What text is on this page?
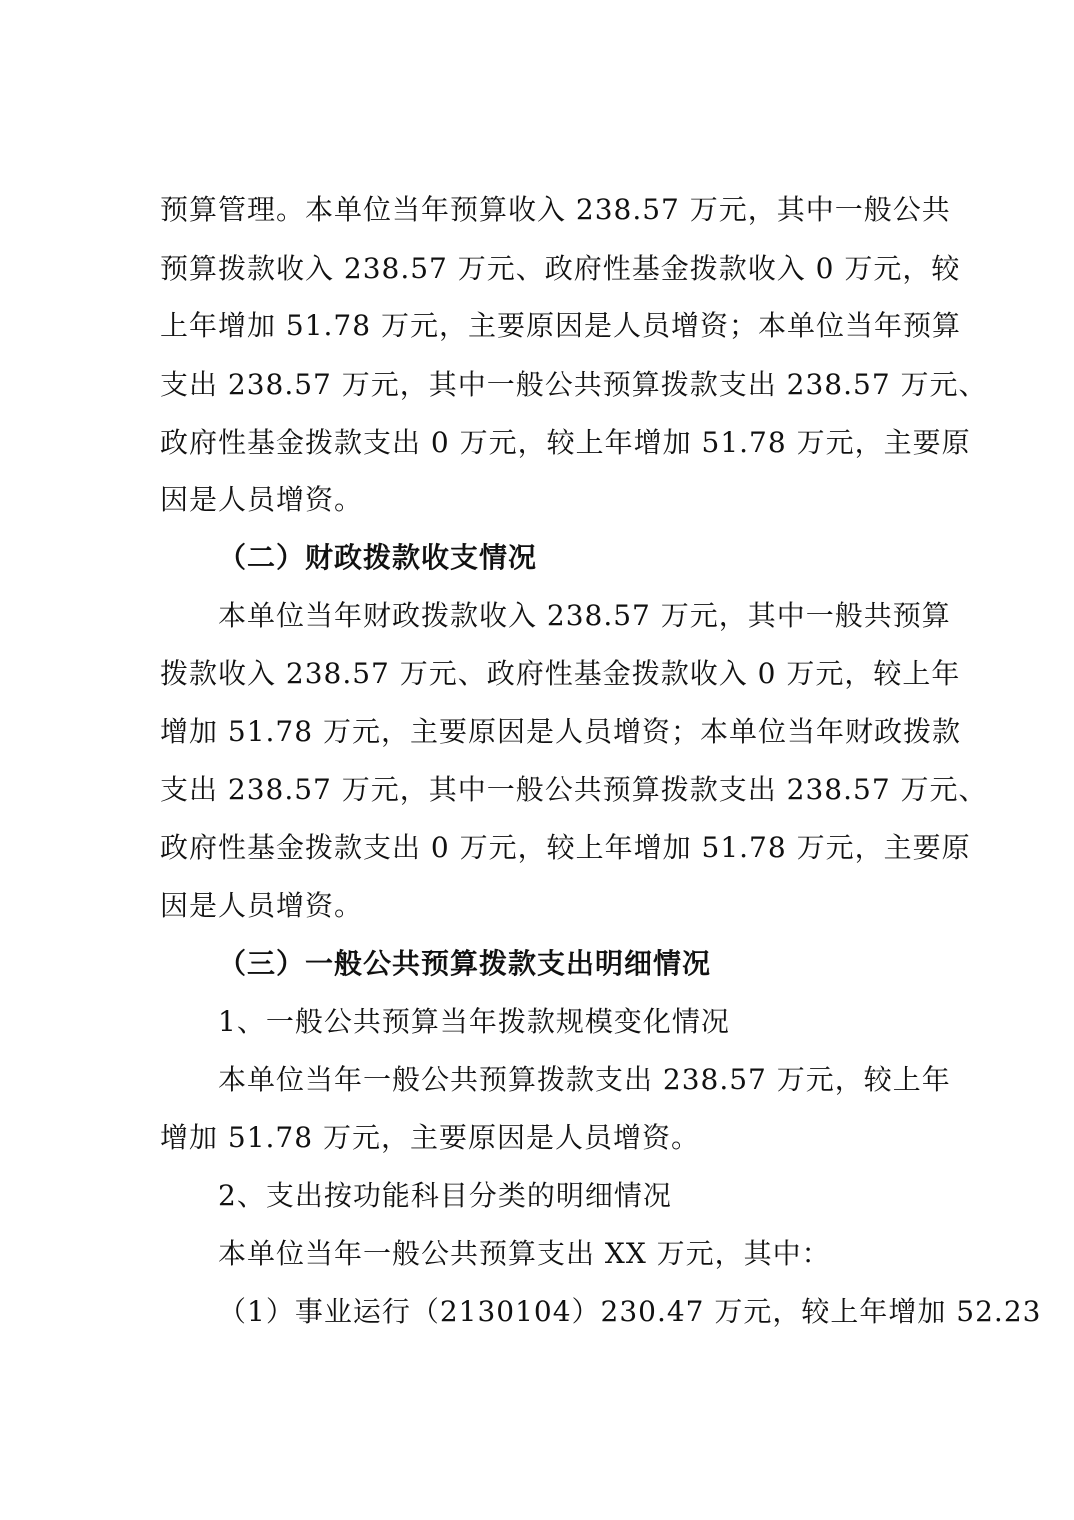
预算管理。本单位当年预算收入 238.57 万元，其中一般公共
预算拨款收入 238.57 万元、政府性基金拨款收入 0 万元，较
上年增加 51.78 万元，主要原因是人员增资；本单位当年预算
支出 238.57 万元，其中一般公共预算拨款支出 238.57 万元、
政府性基金拨款支出 0 万元，较上年增加 51.78 万元，主要原
因是人员增资。
（二）财政拨款收支情况
本单位当年财政拨款收入 238.57 万元，其中一般共预算
拨款收入 238.57 万元、政府性基金拨款收入 0 万元，较上年
增加 51.78 万元，主要原因是人员增资；本单位当年财政拨款
支出 238.57 万元，其中一般公共预算拨款支出 238.57 万元、
政府性基金拨款支出 0 万元，较上年增加 51.78 万元，主要原
因是人员增资。
（三）一般公共预算拨款支出明细情况
1、一般公共预算当年拨款规模变化情况
本单位当年一般公共预算拨款支出 238.57 万元，较上年
增加 51.78 万元，主要原因是人员增资。
2、支出按功能科目分类的明细情况
本单位当年一般公共预算支出 XX 万元，其中：
（1）事业运行（2130104）230.47 万元，较上年增加 52.23
